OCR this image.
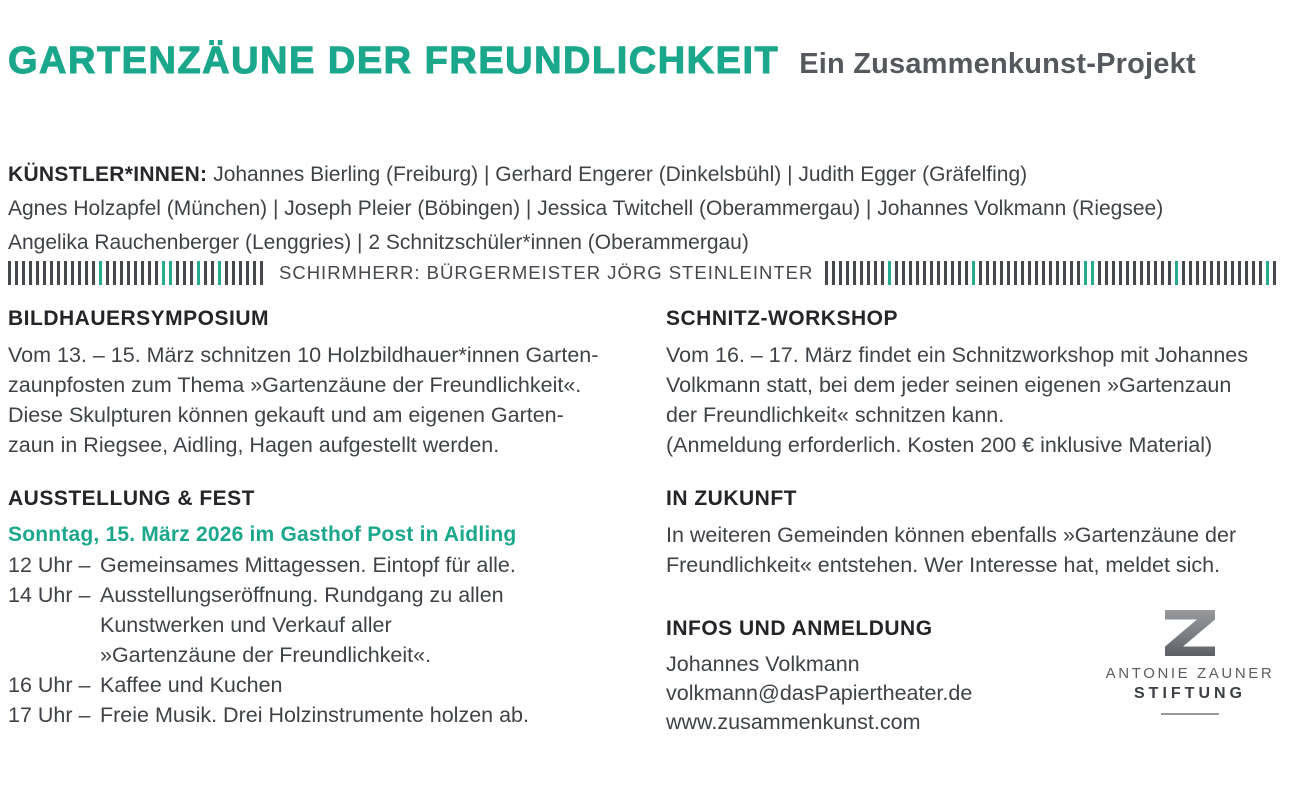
GARTENZÄUNE DER FREUNDLICHKEIT Ein Zusammenkunst-Projekt

KÜNSTLER*INNEN: Johannes Bierling (Freiburg) | Gerhard Engerer (Dinkelsbühl) | Judith Egger (Gräfelfing)

Agnes Holzapfel (München) | Joseph Pleier (Böbingen) | Jessica Twitchell (Oberammergau) | Johannes Volkmann (Riegsee)

Angelika Rauchenberger (Lenggries) | 2 Schnitzschüler*innen (Oberammergau)

SCHIRMHERR: BÜRGERMEISTER JÖRG STEINLEINTER
BILDHAUERSYMPOSIUM

Vom 13. – 15. März schnitzen 10 Holzbildhauer*innen Garten-

zaunpfosten zum Thema »Gartenzäune der Freundlichkeit«.

Diese Skulpturen können gekauft und am eigenen Garten-

zaun in Riegsee, Aidling, Hagen aufgestellt werden.

AUSSTELLUNG & FEST

Sonntag, 15. März 2026 im Gasthof Post in Aidling

12 Uhr – Gemeinsames Mittagessen. Eintopf für alle.

14 Uhr – Ausstellungseröffnung. Rundgang zu allen

Kunstwerken und Verkauf aller

»Gartenzäune der Freundlichkeit«.

16 Uhr – Kaffee und Kuchen

17 Uhr – Freie Musik. Drei Holzinstrumente holzen ab.

SCHNITZ-WORKSHOP

Vom 16. – 17. März findet ein Schnitzworkshop mit Johannes

Volkmann statt, bei dem jeder seinen eigenen »Gartenzaun

der Freundlichkeit« schnitzen kann.

(Anmeldung erforderlich. Kosten 200 € inklusive Material)

IN ZUKUNFT

In weiteren Gemeinden können ebenfalls »Gartenzäune der

Freundlichkeit« entstehen. Wer Interesse hat, meldet sich.

INFOS UND ANMELDUNG

Johannes Volkmann

volkmann@dasPapiertheater.de

www.zusammenkunst.com

ANTONIE ZAUNER
STIFTUNG
